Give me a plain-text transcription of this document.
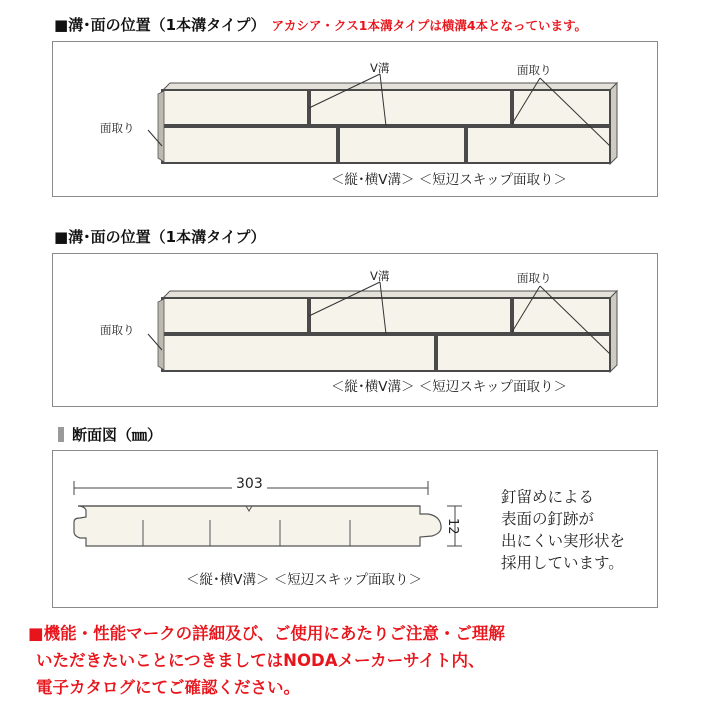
■溝･面の位置（1本溝タイプ） アカシア・クス1本溝タイプは横溝4本となっています。
V溝	面取り
面取り
＜縦･横V溝＞ ＜短辺スキップ面取り＞
■溝･面の位置（1本溝タイプ）
V溝	面取り
面取り
＜縦･横V溝＞ ＜短辺スキップ面取り＞
断面図（㎜）
303
12
＜縦･横V溝＞ ＜短辺スキップ面取り＞
釘留めによる
表面の釘跡が
出にくい実形状を
採用しています。
■機能・性能マークの詳細及び、ご使用にあたりご注意・ご理解
いただきたいことにつきましてはNODAメーカーサイト内、
電子カタログにてご確認ください。
